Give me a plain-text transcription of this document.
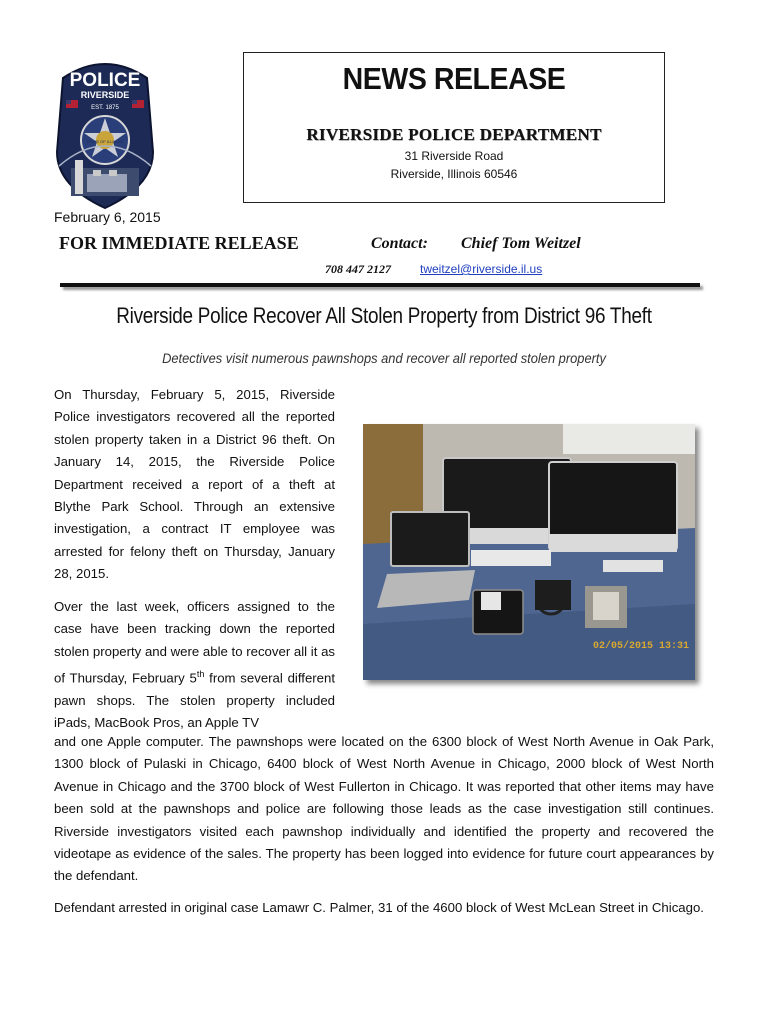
POLICE
RIVERSIDE
EST. 1875
STATE OF ILLINOIS
NEWS RELEASE
RIVERSIDE POLICE DEPARTMENT
31 Riverside Road
Riverside, Illinois 60546
February 6, 2015
FOR IMMEDIATE RELEASE	Contact: Chief Tom Weitzel
708 447 2127 tweitzel@riverside.il.us
Riverside Police Recover All Stolen Property from District 96 Theft
Detectives visit numerous pawnshops and recover all reported stolen property
On Thursday, February 5, 2015, Riverside Police investigators recovered all the reported stolen property taken in a District 96 theft. On January 14, 2015, the Riverside Police Department received a report of a theft at Blythe Park School. Through an extensive investigation, a contract IT employee was arrested for felony theft on Thursday, January 28, 2015.
Over the last week, officers assigned to the case have been tracking down the reported stolen property and were able to recover all it as of Thursday, February 5th from several different pawn shops. The stolen property included iPads, MacBook Pros, an Apple TV
and one Apple computer. The pawnshops were located on the 6300 block of West North Avenue in Oak Park, 1300 block of Pulaski in Chicago, 6400 block of West North Avenue in Chicago, 2000 block of West North Avenue in Chicago and the 3700 block of West Fullerton in Chicago. It was reported that other items may have been sold at the pawnshops and police are following those leads as the case investigation still continues. Riverside investigators visited each pawnshop individually and identified the property and recovered the videotape as evidence of the sales. The property has been logged into evidence for future court appearances by the defendant.
Defendant arrested in original case Lamawr C. Palmer, 31 of the 4600 block of West McLean Street in Chicago.
02/05/2015 13:31
